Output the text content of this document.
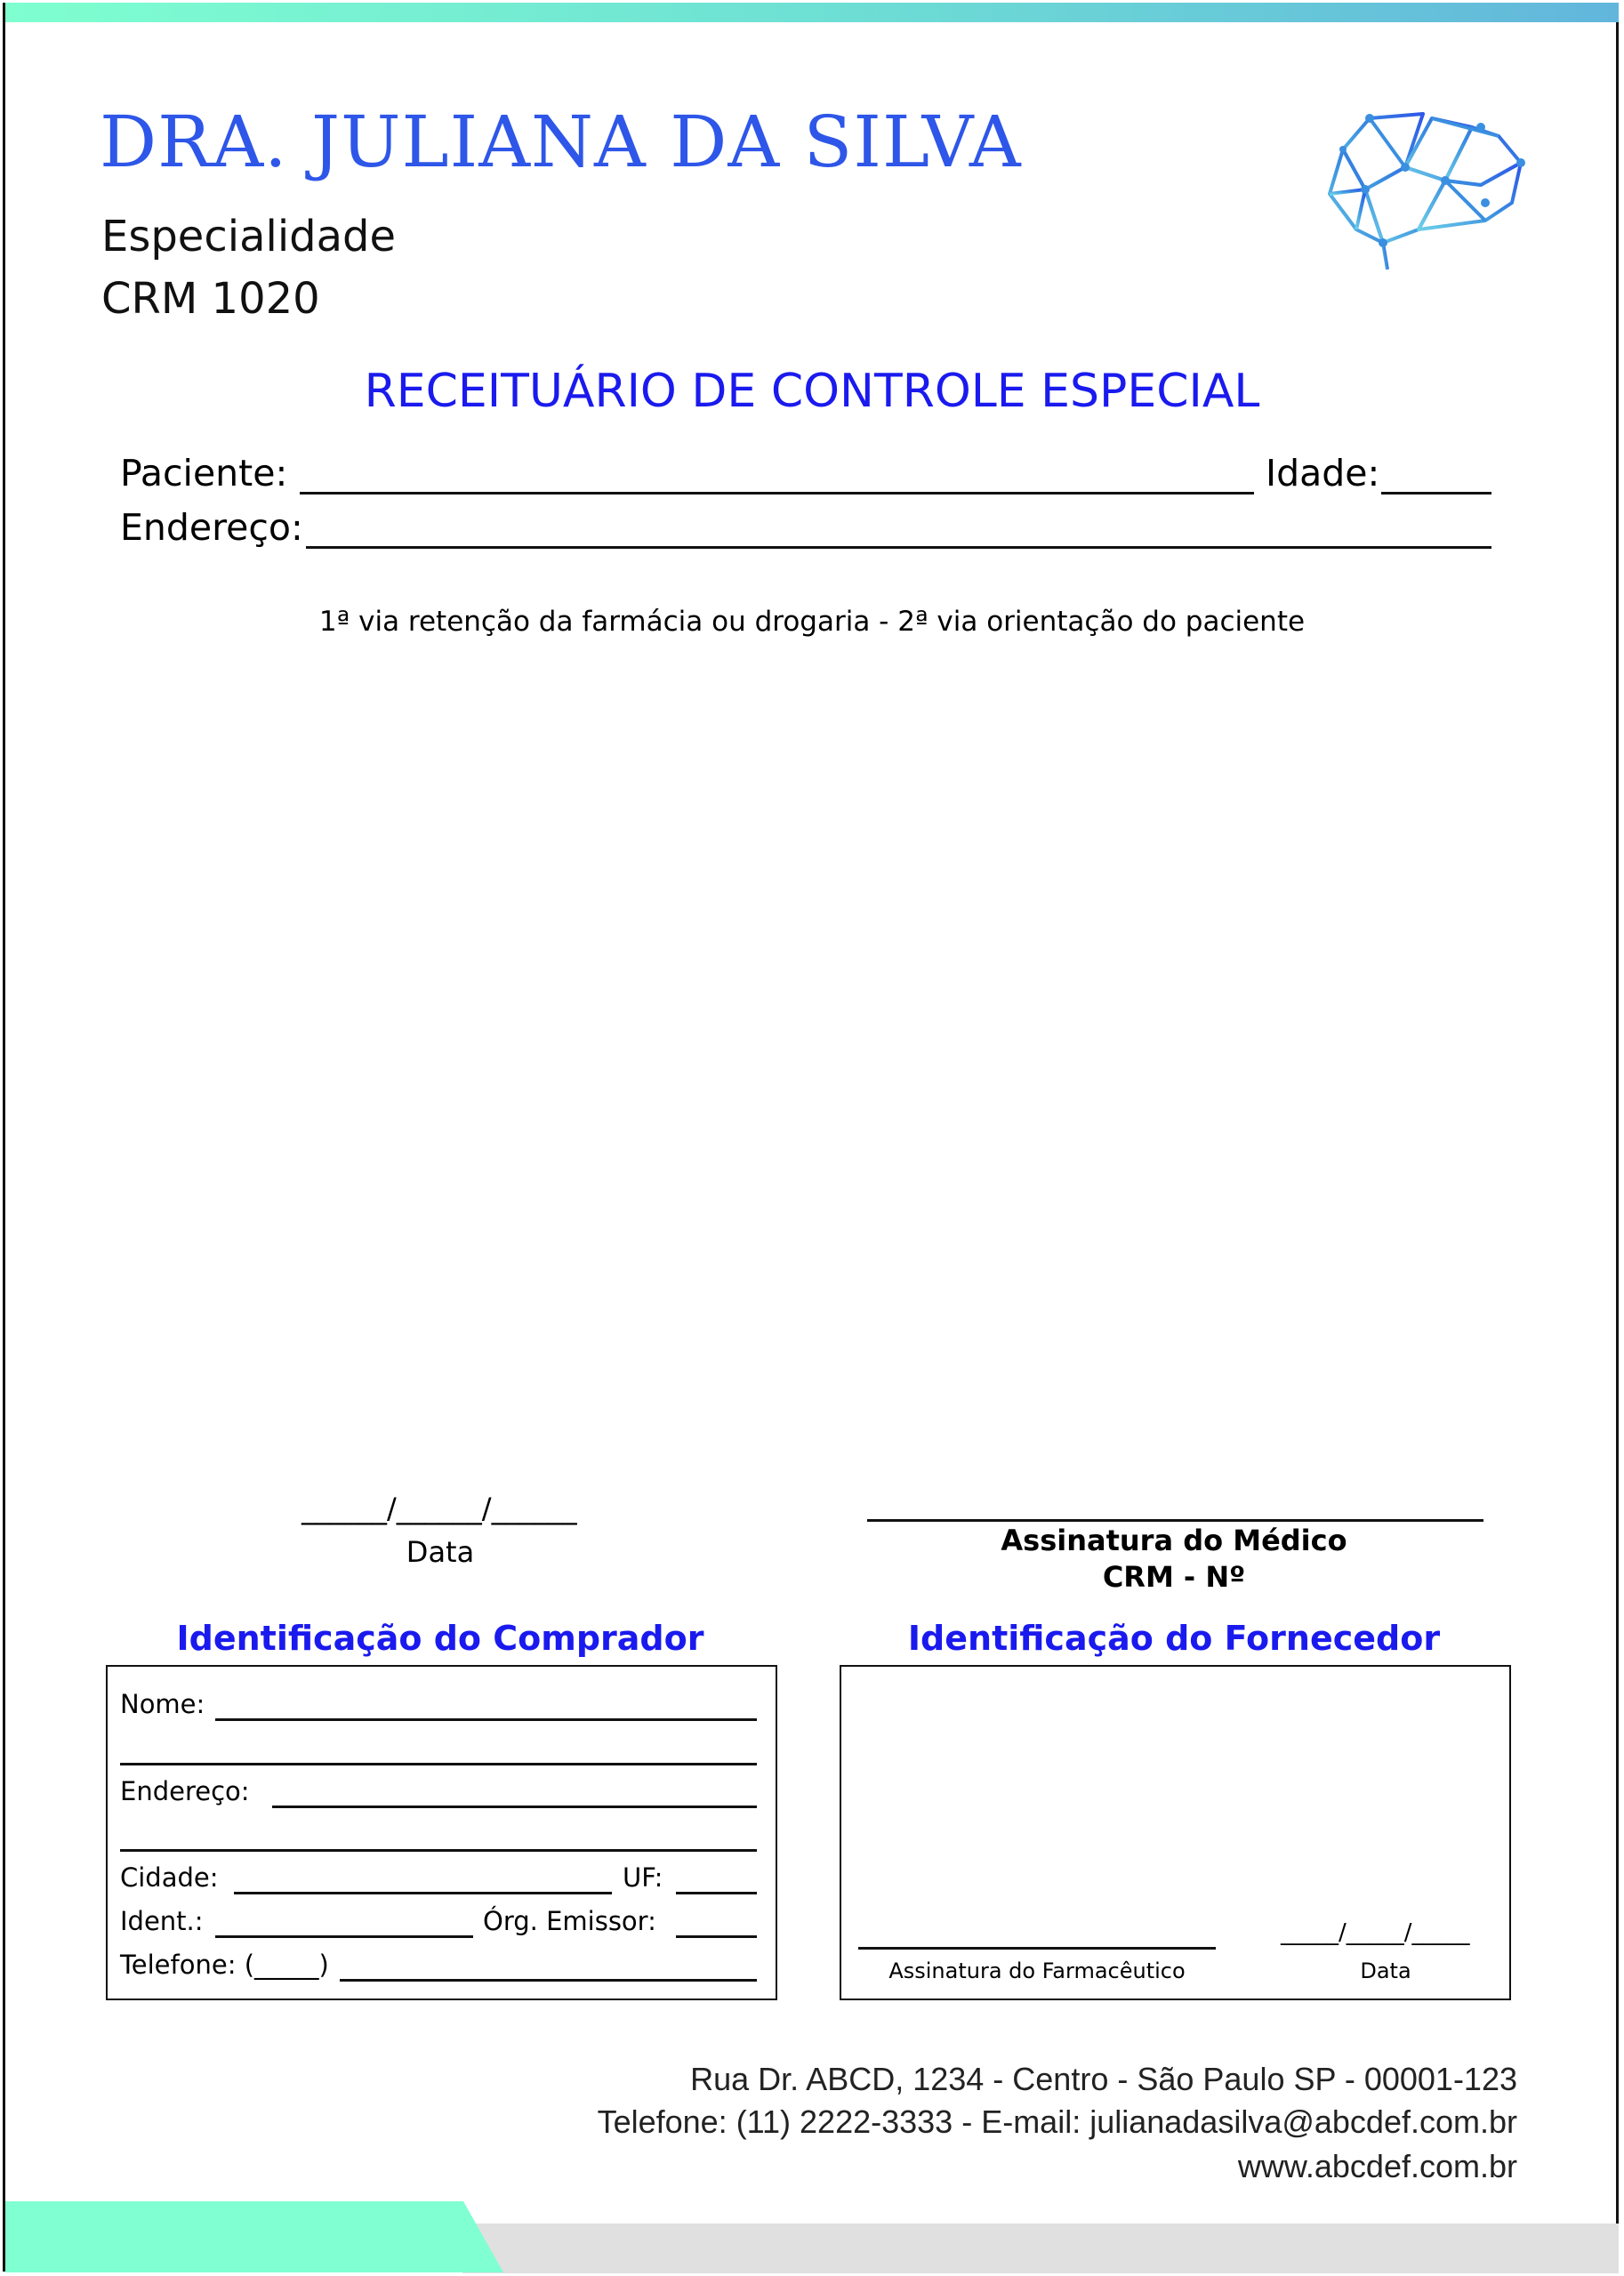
DRA. JULIANA DA SILVA
Especialidade
CRM 1020
RECEITUÁRIO DE CONTROLE ESPECIAL
Paciente:	Idade:
Endereço:
1ª via retenção da farmácia ou drogaria - 2ª via orientação do paciente
______/______/______
Data	Assinatura do Médico
CRM - Nº
Identificação do Comprador
Nome:
Endereço:
Cidade:	UF:
Ident.:	Órg. Emissor:
Telefone: (_____)
Identificação do Fornecedor
Assinatura do Farmacêutico
_____/_____/_____
Data
Rua Dr. ABCD, 1234 - Centro - São Paulo SP - 00001-123
Telefone: (11) 2222-3333 - E-mail: julianadasilva@abcdef.com.br
www.abcdef.com.br
